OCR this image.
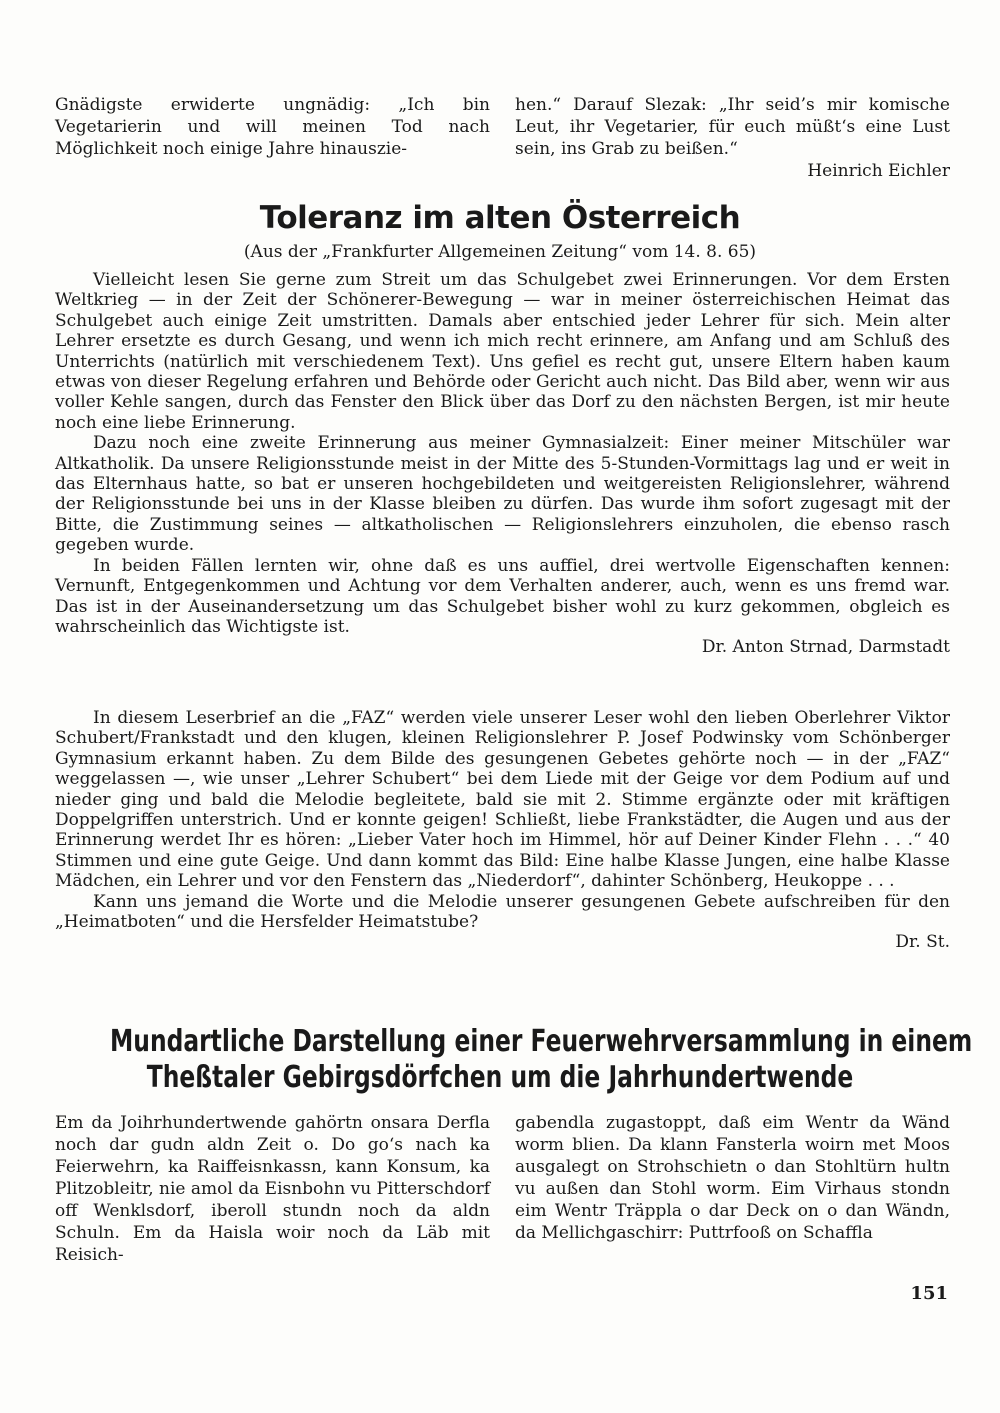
Gnädigste erwiderte ungnädig: „Ich bin Vegetarierin und will meinen Tod nach Möglichkeit noch einige Jahre hinauszie-

hen.“ Darauf Slezak: „Ihr seid’s mir komische Leut, ihr Vegetarier, für euch müßt‘s eine Lust sein, ins Grab zu beißen.“

Heinrich Eichler

Toleranz im alten Österreich
(Aus der „Frankfurter Allgemeinen Zeitung“ vom 14. 8. 65)

Vielleicht lesen Sie gerne zum Streit um das Schulgebet zwei Erinnerungen. Vor dem Ersten Weltkrieg — in der Zeit der Schönerer-Bewegung — war in meiner österreichischen Heimat das Schulgebet auch einige Zeit umstritten. Damals aber entschied jeder Lehrer für sich. Mein alter Lehrer ersetzte es durch Gesang, und wenn ich mich recht erinnere, am Anfang und am Schluß des Unterrichts (natürlich mit verschiedenem Text). Uns gefiel es recht gut, unsere Eltern haben kaum etwas von dieser Regelung erfahren und Behörde oder Gericht auch nicht. Das Bild aber, wenn wir aus voller Kehle sangen, durch das Fenster den Blick über das Dorf zu den nächsten Bergen, ist mir heute noch eine liebe Erinnerung.

Dazu noch eine zweite Erinnerung aus meiner Gymnasialzeit: Einer meiner Mitschüler war Altkatholik. Da unsere Religionsstunde meist in der Mitte des 5-Stunden-Vormittags lag und er weit in das Elternhaus hatte, so bat er unseren hochgebildeten und weitgereisten Religionslehrer, während der Religionsstunde bei uns in der Klasse bleiben zu dürfen. Das wurde ihm sofort zugesagt mit der Bitte, die Zustimmung seines — altkatholischen — Religionslehrers einzuholen, die ebenso rasch gegeben wurde.

In beiden Fällen lernten wir, ohne daß es uns auffiel, drei wertvolle Eigenschaften kennen: Vernunft, Entgegenkommen und Achtung vor dem Verhalten anderer, auch, wenn es uns fremd war. Das ist in der Auseinandersetzung um das Schulgebet bisher wohl zu kurz gekommen, obgleich es wahrscheinlich das Wichtigste ist.

Dr. Anton Strnad, Darmstadt

In diesem Leserbrief an die „FAZ“ werden viele unserer Leser wohl den lieben Oberlehrer Viktor Schubert/Frankstadt und den klugen, kleinen Religionslehrer P. Josef Podwinsky vom Schönberger Gymnasium erkannt haben. Zu dem Bilde des gesungenen Gebetes gehörte noch — in der „FAZ“ weggelassen —, wie unser „Lehrer Schubert“ bei dem Liede mit der Geige vor dem Podium auf und nieder ging und bald die Melodie begleitete, bald sie mit 2. Stimme ergänzte oder mit kräftigen Doppelgriffen unterstrich. Und er konnte geigen! Schließt, liebe Frankstädter, die Augen und aus der Erinnerung werdet Ihr es hören: „Lieber Vater hoch im Himmel, hör auf Deiner Kinder Flehn . . .“ 40 Stimmen und eine gute Geige. Und dann kommt das Bild: Eine halbe Klasse Jungen, eine halbe Klasse Mädchen, ein Lehrer und vor den Fenstern das „Niederdorf“, dahinter Schönberg, Heukoppe . . .

Kann uns jemand die Worte und die Melodie unserer gesungenen Gebete aufschreiben für den „Heimatboten“ und die Hersfelder Heimatstube?

Dr. St.

Mundartliche Darstellung einer Feuerwehrversammlung in einem
Theßtaler Gebirgsdörfchen um die Jahrhundertwende

Em da Joihrhundertwende gahörtn onsara Derfla noch dar gudn aldn Zeit o. Do go‘s nach ka Feierwehrn, ka Raiffeisnkassn, kann Konsum, ka Plitzobleitr, nie amol da Eisnbohn vu Pitterschdorf off Wenklsdorf, iberoll stundn noch da aldn Schuln. Em da Haisla woir noch da Läb mit Reisich-

gabendla zugastoppt, daß eim Wentr da Wänd worm blien. Da klann Fansterla woirn met Moos ausgalegt on Strohschietn o dan Stohltürn hultn vu außen dan Stohl worm. Eim Virhaus stondn eim Wentr Träppla o dar Deck on o dan Wändn, da Mellichgaschirr: Puttrfooß on Schaffla

151
